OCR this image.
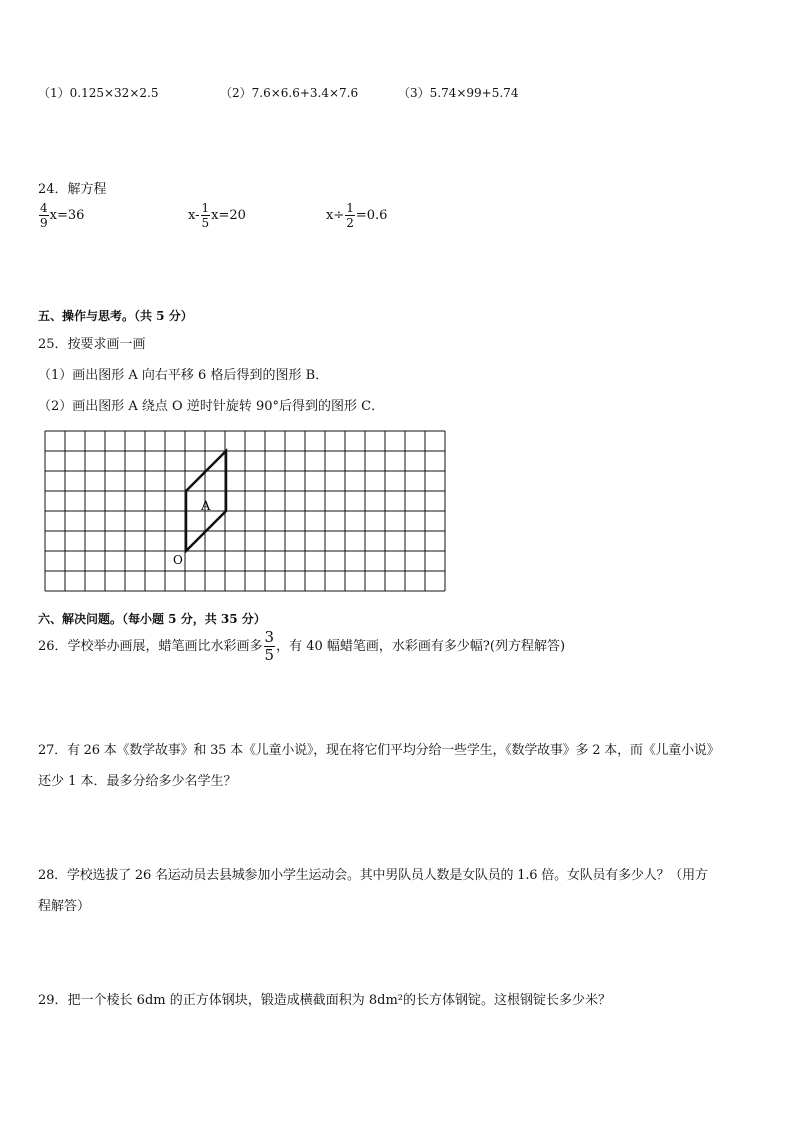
（1）0.125×32×2.5	（2）7.6×6.6+3.4×7.6	（3）5.74×99+5.74
24．解方程
$\frac{4}{9} x=36$	$x- \frac{1}{5} x=20$	$x\div \frac{1}{2} =0.6$
五、操作与思考。（共 5 分）
25．按要求画一画
（1）画出图形 A 向右平移 6 格后得到的图形 B．
（2）画出图形 A 绕点 O 逆时针旋转 90°后得到的图形 C．
A
O
六、解决问题。（每小题 5 分，共 35 分）
26．学校举办画展，蜡笔画比水彩画多 $\frac{3}{5}$ ，有 40 幅蜡笔画，水彩画有多少幅?(列方程解答)
27．有 26 本《数学故事》和 35 本《儿童小说》，现在将它们平均分给一些学生，《数学故事》多 2 本，而《儿童小说》
还少 1 本．最多分给多少名学生？
28．学校选拔了 26 名运动员去县城参加小学生运动会。其中男队员人数是女队员的 1.6 倍。女队员有多少人？（用方
程解答）
29．把一个棱长 6dm 的正方体钢块，锻造成横截面积为 8dm²的长方体钢锭。这根钢锭长多少米？
